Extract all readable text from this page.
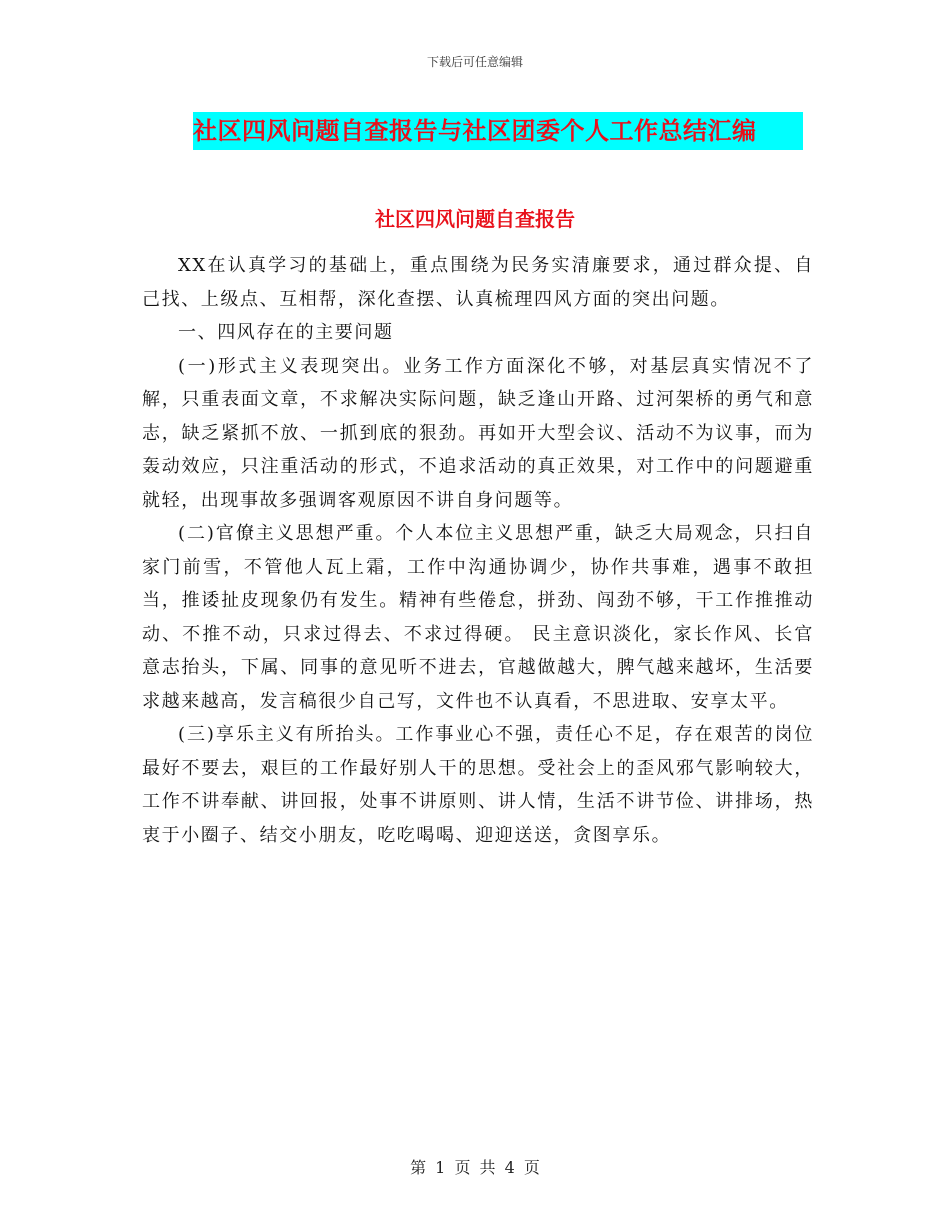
下载后可任意编辑
社区四风问题自查报告与社区团委个人工作总结汇编
社区四风问题自查报告

XX在认真学习的基础上，重点围绕为民务实清廉要求，通过群众提、自己找、上级点、互相帮，深化查摆、认真梳理四风方面的突出问题。

一、四风存在的主要问题

(一)形式主义表现突出。业务工作方面深化不够，对基层真实情况不了解，只重表面文章，不求解决实际问题，缺乏逢山开路、过河架桥的勇气和意志，缺乏紧抓不放、一抓到底的狠劲。再如开大型会议、活动不为议事，而为轰动效应，只注重活动的形式，不追求活动的真正效果，对工作中的问题避重就轻，出现事故多强调客观原因不讲自身问题等。

(二)官僚主义思想严重。个人本位主义思想严重，缺乏大局观念，只扫自家门前雪，不管他人瓦上霜，工作中沟通协调少，协作共事难，遇事不敢担当，推诿扯皮现象仍有发生。精神有些倦怠，拼劲、闯劲不够，干工作推推动动、不推不动，只求过得去、不求过得硬。 民主意识淡化，家长作风、长官意志抬头，下属、同事的意见听不进去，官越做越大，脾气越来越坏，生活要求越来越高，发言稿很少自己写，文件也不认真看，不思进取、安享太平。

(三)享乐主义有所抬头。工作事业心不强，责任心不足，存在艰苦的岗位最好不要去，艰巨的工作最好别人干的思想。受社会上的歪风邪气影响较大，工作不讲奉献、讲回报，处事不讲原则、讲人情，生活不讲节俭、讲排场，热衷于小圈子、结交小朋友，吃吃喝喝、迎迎送送，贪图享乐。

第 1 页 共 4 页
